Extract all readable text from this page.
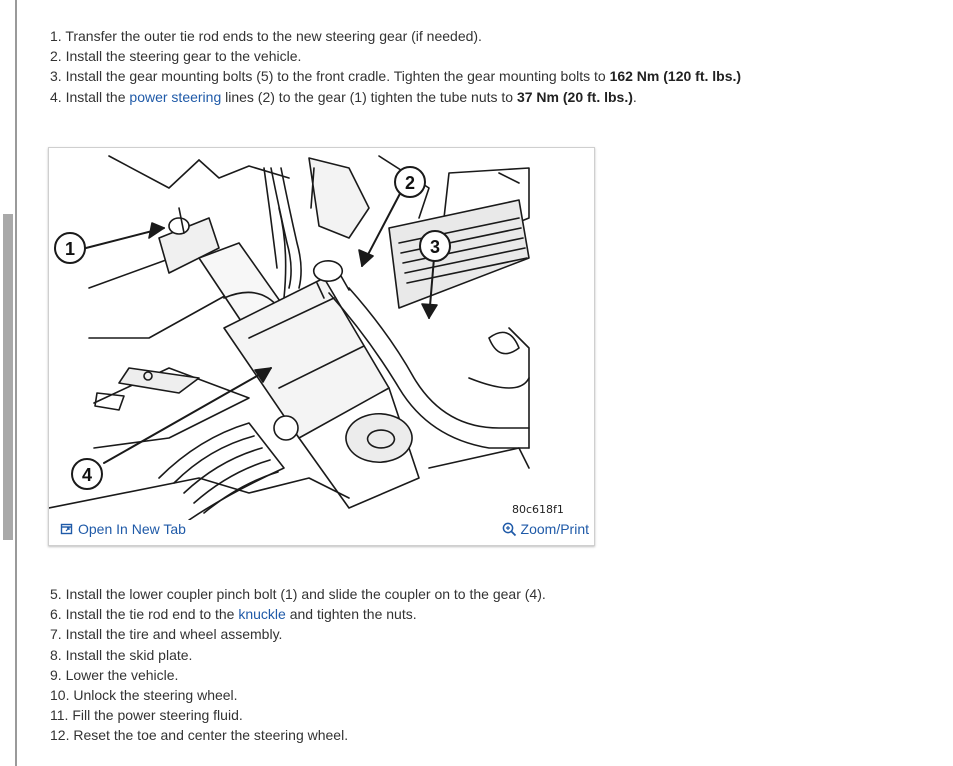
1. Transfer the outer tie rod ends to the new steering gear (if needed).
2. Install the steering gear to the vehicle.
3. Install the gear mounting bolts (5) to the front cradle. Tighten the gear mounting bolts to 162 Nm (120 ft. lbs.)
4. Install the power steering lines (2) to the gear (1) tighten the tube nuts to 37 Nm (20 ft. lbs.).
1
2
3
4
80c618f1
Open In New Tab	Zoom/Print
5. Install the lower coupler pinch bolt (1) and slide the coupler on to the gear (4).
6. Install the tie rod end to the knuckle and tighten the nuts.
7. Install the tire and wheel assembly.
8. Install the skid plate.
9. Lower the vehicle.
10. Unlock the steering wheel.
11. Fill the power steering fluid.
12. Reset the toe and center the steering wheel.
